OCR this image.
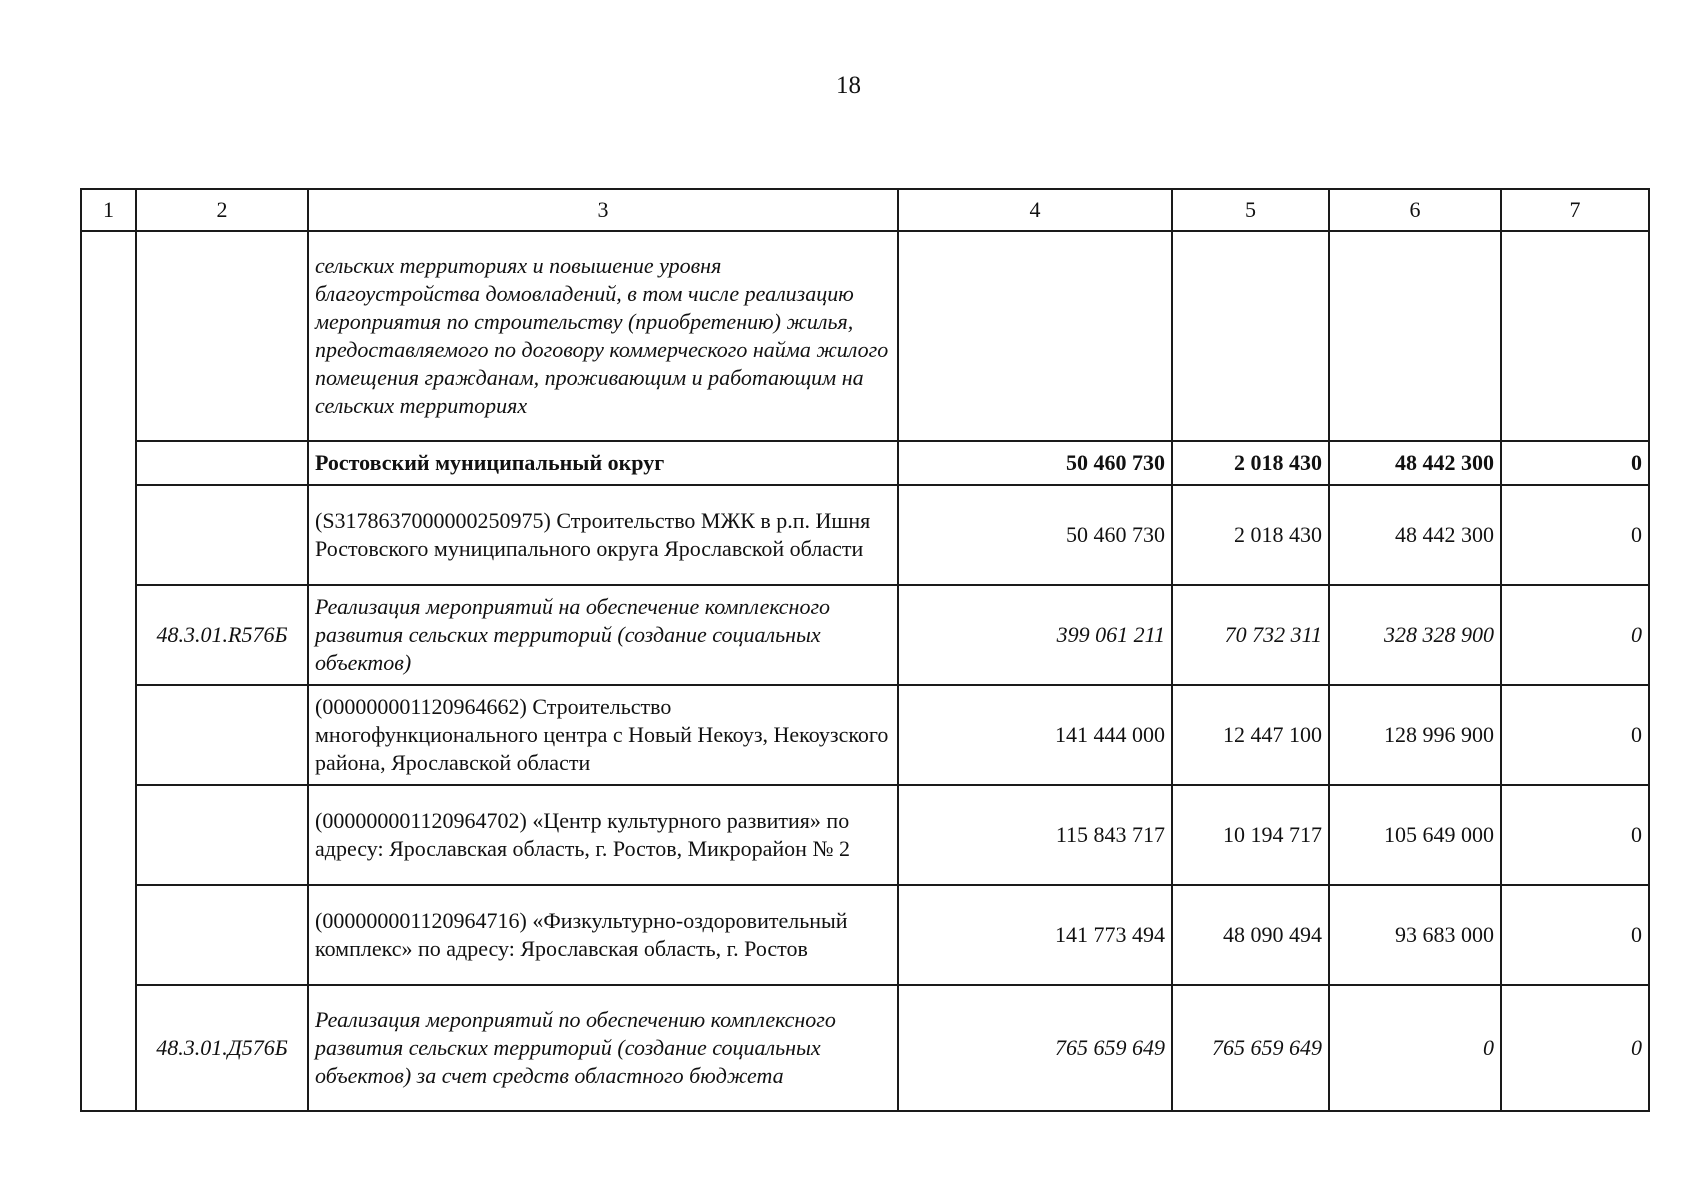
18
1	2	3	4	5	6	7
		сельских территориях и повышение уровня благоустройства домовладений, в том числе реализацию мероприятия по строительству (приобретению) жилья, предоставляемого по договору коммерческого найма жилого помещения гражданам, проживающим и работающим на сельских территориях				
		Ростовский муниципальный округ	50 460 730	2 018 430	48 442 300	0
		(S3178637000000250975) Строительство МЖК в р.п. Ишня Ростовского муниципального округа Ярославской области	50 460 730	2 018 430	48 442 300	0
	48.3.01.R576Б	Реализация мероприятий на обеспечение комплексного развития сельских территорий (создание социальных объектов)	399 061 211	70 732 311	328 328 900	0
		(000000001120964662) Строительство многофункционального центра с Новый Некоуз, Некоузского района, Ярославской области	141 444 000	12 447 100	128 996 900	0
		(000000001120964702) «Центр культурного развития» по адресу: Ярославская область, г. Ростов, Микрорайон № 2	115 843 717	10 194 717	105 649 000	0
		(000000001120964716) «Физкультурно-оздоровительный комплекс» по адресу: Ярославская область, г. Ростов	141 773 494	48 090 494	93 683 000	0
	48.3.01.Д576Б	Реализация мероприятий по обеспечению комплексного развития сельских территорий (создание социальных объектов) за счет средств областного бюджета	765 659 649	765 659 649	0	0
